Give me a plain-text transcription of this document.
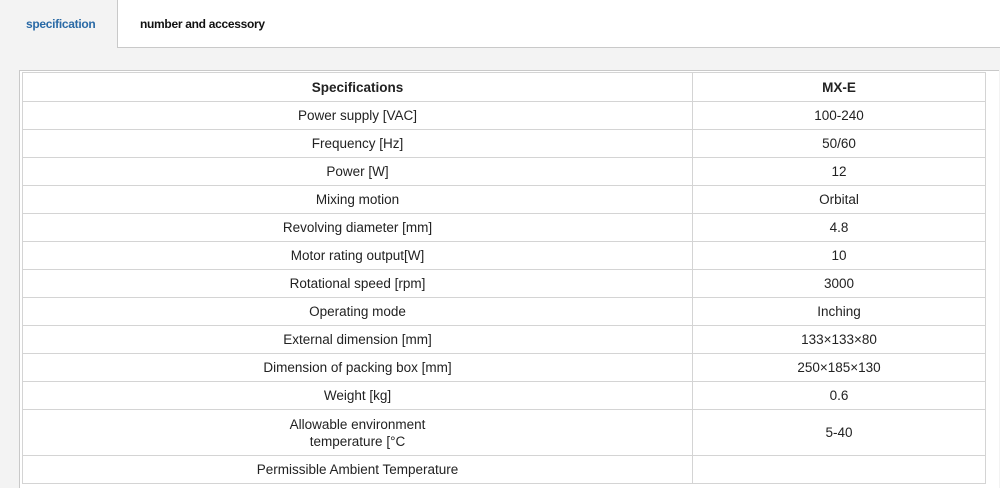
specification	number and accessory
Specifications	MX-E
Power supply [VAC]	100-240
Frequency [Hz]	50/60
Power [W]	12
Mixing motion	Orbital
Revolving diameter [mm]	4.8
Motor rating output[W]	10
Rotational speed [rpm]	3000
Operating mode	Inching
External dimension [mm]	133×133×80
Dimension of packing box [mm]	250×185×130
Weight [kg]	0.6
Allowable environment temperature [°C	5-40
Permissible Ambient Temperature	
